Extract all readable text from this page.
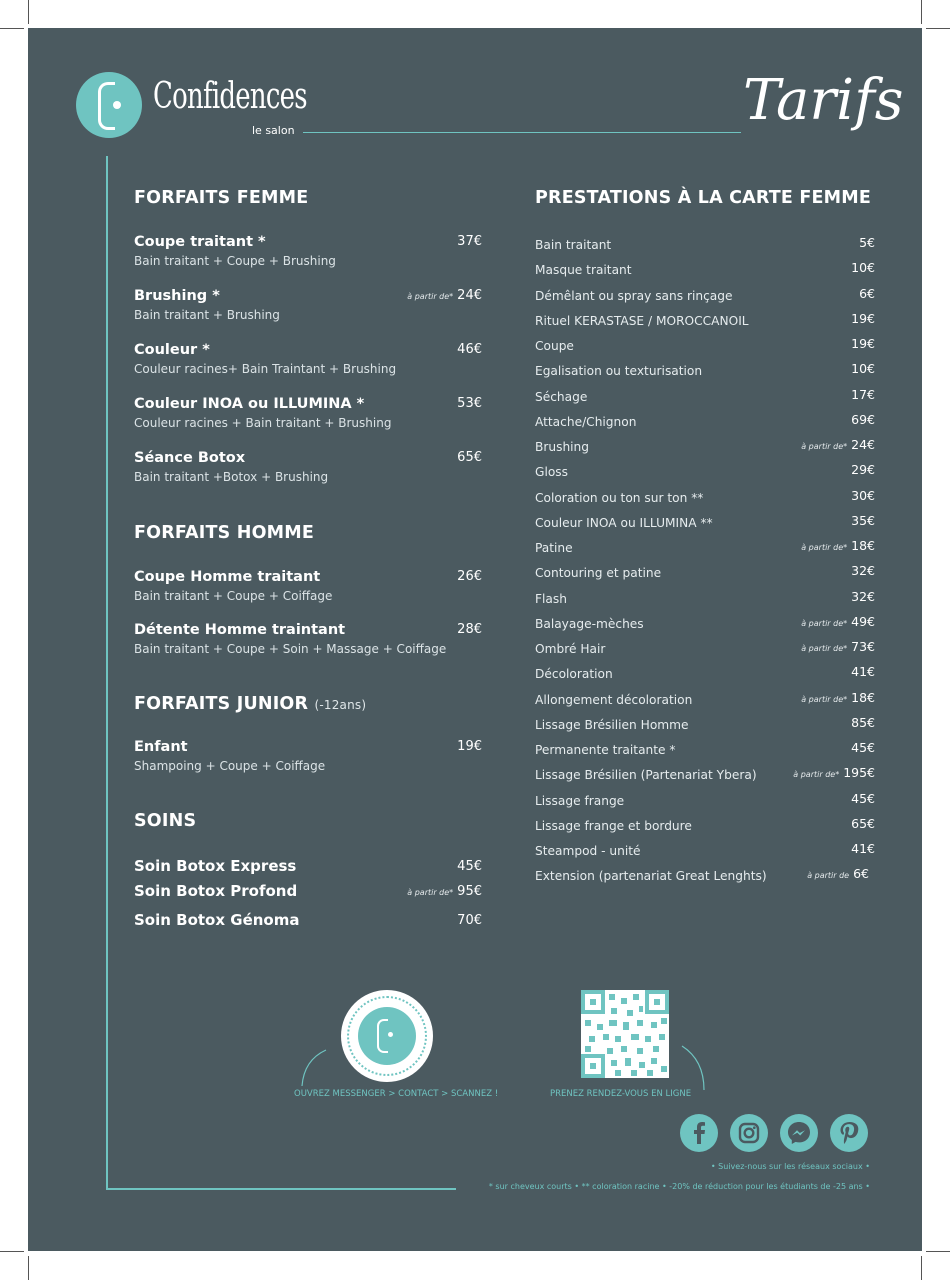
Confidences
le salon	Tarifs
FORFAITS FEMME
Coupe traitant *
Bain traitant + Coupe + Brushing
37€
Brushing *
Bain traitant + Brushing
à partir de* 24€
Couleur *
Couleur racines+ Bain Traintant + Brushing
46€
Couleur INOA ou ILLUMINA *
Couleur racines + Bain traitant + Brushing
53€
Séance Botox
Bain traitant +Botox + Brushing
65€
FORFAITS HOMME
Coupe Homme traitant
Bain traitant + Coupe + Coiffage
26€
Détente Homme traintant
Bain traitant + Coupe + Soin + Massage + Coiffage
28€
FORFAITS JUNIOR (-12ans)
Enfant
Shampoing + Coupe + Coiffage
19€
SOINS
Soin Botox Express	45€
Soin Botox Profond	à partir de* 95€
Soin Botox Génoma	70€
PRESTATIONS À LA CARTE FEMME
Bain traitant	5€
Masque traitant	10€
Démêlant ou spray sans rinçage	6€
Rituel KERASTASE / MOROCCANOIL	19€
Coupe	19€
Egalisation ou texturisation	10€
Séchage	17€
Attache/Chignon	69€
Brushing	à partir de* 24€
Gloss	29€
Coloration ou ton sur ton **	30€
Couleur INOA ou ILLUMINA **	35€
Patine	à partir de* 18€
Contouring et patine	32€
Flash	32€
Balayage-mèches	à partir de* 49€
Ombré Hair	à partir de* 73€
Décoloration	41€
Allongement décoloration	à partir de* 18€
Lissage Brésilien Homme	85€
Permanente traitante *	45€
Lissage Brésilien (Partenariat Ybera)	à partir de* 195€
Lissage frange	45€
Lissage frange et bordure	65€
Steampod - unité	41€
Extension (partenariat Great Lenghts)	à partir de 6€
OUVREZ MESSENGER > CONTACT > SCANNEZ !	PRENEZ RENDEZ-VOUS EN LIGNE
• Suivez-nous sur les réseaux sociaux •
* sur cheveux courts • ** coloration racine • -20% de réduction pour les étudiants de -25 ans •
